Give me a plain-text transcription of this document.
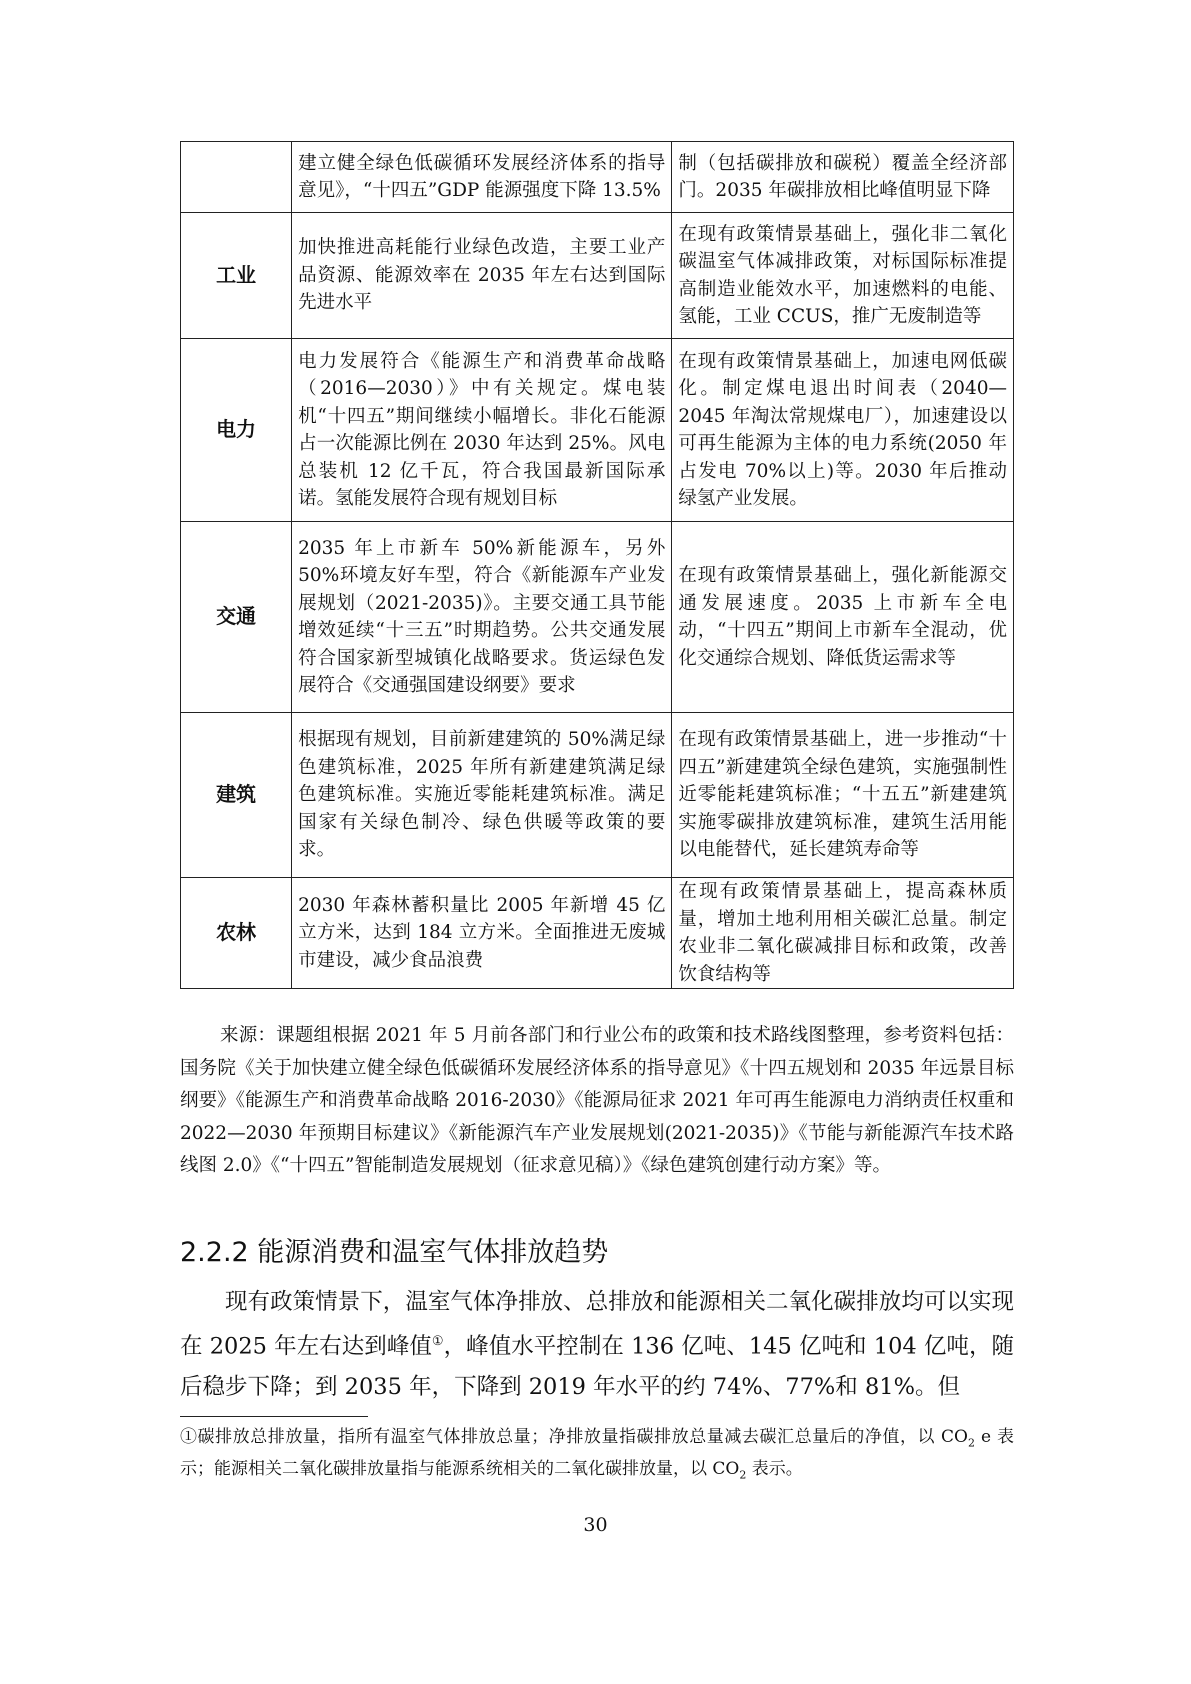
	建立健全绿色低碳循环发展经济体系的指导意见》，“十四五”GDP 能源强度下降 13.5%	制（包括碳排放和碳税）覆盖全经济部门。2035 年碳排放相比峰值明显下降
工业	加快推进高耗能行业绿色改造，主要工业产品资源、能源效率在 2035 年左右达到国际先进水平	在现有政策情景基础上，强化非二氧化碳温室气体减排政策，对标国际标准提高制造业能效水平，加速燃料的电能、氢能，工业 CCUS，推广无废制造等
电力	电力发展符合《能源生产和消费革命战略（2016—2030）》中有关规定。煤电装机“十四五”期间继续小幅增长。非化石能源占一次能源比例在 2030 年达到 25%。风电总装机 12 亿千瓦，符合我国最新国际承诺。氢能发展符合现有规划目标	在现有政策情景基础上，加速电网低碳化。制定煤电退出时间表（2040—2045 年淘汰常规煤电厂），加速建设以可再生能源为主体的电力系统(2050 年占发电 70%以上)等。2030 年后推动绿氢产业发展。
交通	2035 年上市新车 50%新能源车，另外 50%环境友好车型，符合《新能源车产业发展规划（2021-2035)》。主要交通工具节能增效延续“十三五”时期趋势。公共交通发展符合国家新型城镇化战略要求。货运绿色发展符合《交通强国建设纲要》要求	在现有政策情景基础上，强化新能源交通发展速度。2035 上市新车全电动，“十四五”期间上市新车全混动，优化交通综合规划、降低货运需求等
建筑	根据现有规划，目前新建建筑的 50%满足绿色建筑标准，2025 年所有新建建筑满足绿色建筑标准。实施近零能耗建筑标准。满足国家有关绿色制冷、绿色供暖等政策的要求。	在现有政策情景基础上，进一步推动“十四五”新建建筑全绿色建筑，实施强制性近零能耗建筑标准；“十五五”新建建筑实施零碳排放建筑标准，建筑生活用能以电能替代，延长建筑寿命等
农林	2030 年森林蓄积量比 2005 年新增 45 亿立方米，达到 184 立方米。全面推进无废城市建设，减少食品浪费	在现有政策情景基础上，提高森林质量，增加土地利用相关碳汇总量。制定农业非二氧化碳减排目标和政策，改善饮食结构等
来源：课题组根据 2021 年 5 月前各部门和行业公布的政策和技术路线图整理，参考资料包括：国务院《关于加快建立健全绿色低碳循环发展经济体系的指导意见》《十四五规划和 2035 年远景目标纲要》《能源生产和消费革命战略 2016-2030》《能源局征求 2021 年可再生能源电力消纳责任权重和 2022—2030 年预期目标建议》《新能源汽车产业发展规划(2021-2035)》《节能与新能源汽车技术路线图 2.0》《“十四五”智能制造发展规划（征求意见稿）》《绿色建筑创建行动方案》等。
2.2.2 能源消费和温室气体排放趋势
现有政策情景下，温室气体净排放、总排放和能源相关二氧化碳排放均可以实现在 2025 年左右达到峰值①，峰值水平控制在 136 亿吨、145 亿吨和 104 亿吨，随后稳步下降；到 2035 年，下降到 2019 年水平的约 74%、77%和 81%。但
①碳排放总排放量，指所有温室气体排放总量；净排放量指碳排放总量减去碳汇总量后的净值，以 $CO_2$ e 表示；能源相关二氧化碳排放量指与能源系统相关的二氧化碳排放量，以 $CO_2$ 表示。
30
